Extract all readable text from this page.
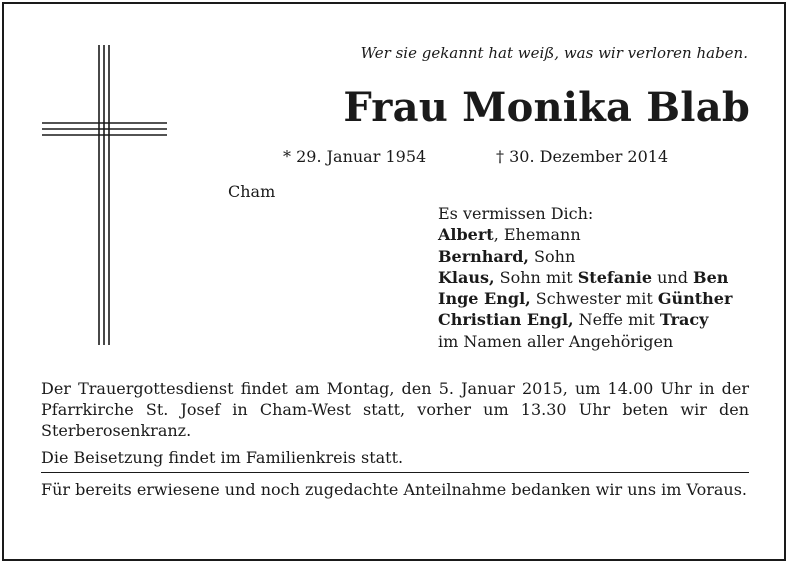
Wer sie gekannt hat weiß, was wir verloren haben.
Frau Monika Blab
* 29. Januar 1954	† 30. Dezember 2014
Cham
Es vermissen Dich:
Albert, Ehemann
Bernhard, Sohn
Klaus, Sohn mit Stefanie und Ben
Inge Engl, Schwester mit Günther
Christian Engl, Neffe mit Tracy
im Namen aller Angehörigen

Der Trauergottesdienst findet am Montag, den 5. Januar 2015, um 14.00 Uhr in der Pfarrkirche St. Josef in Cham-West statt, vorher um 13.30 Uhr beten wir den Sterberosenkranz.

Die Beisetzung findet im Familienkreis statt.

Für bereits erwiesene und noch zugedachte Anteilnahme bedanken wir uns im Voraus.
